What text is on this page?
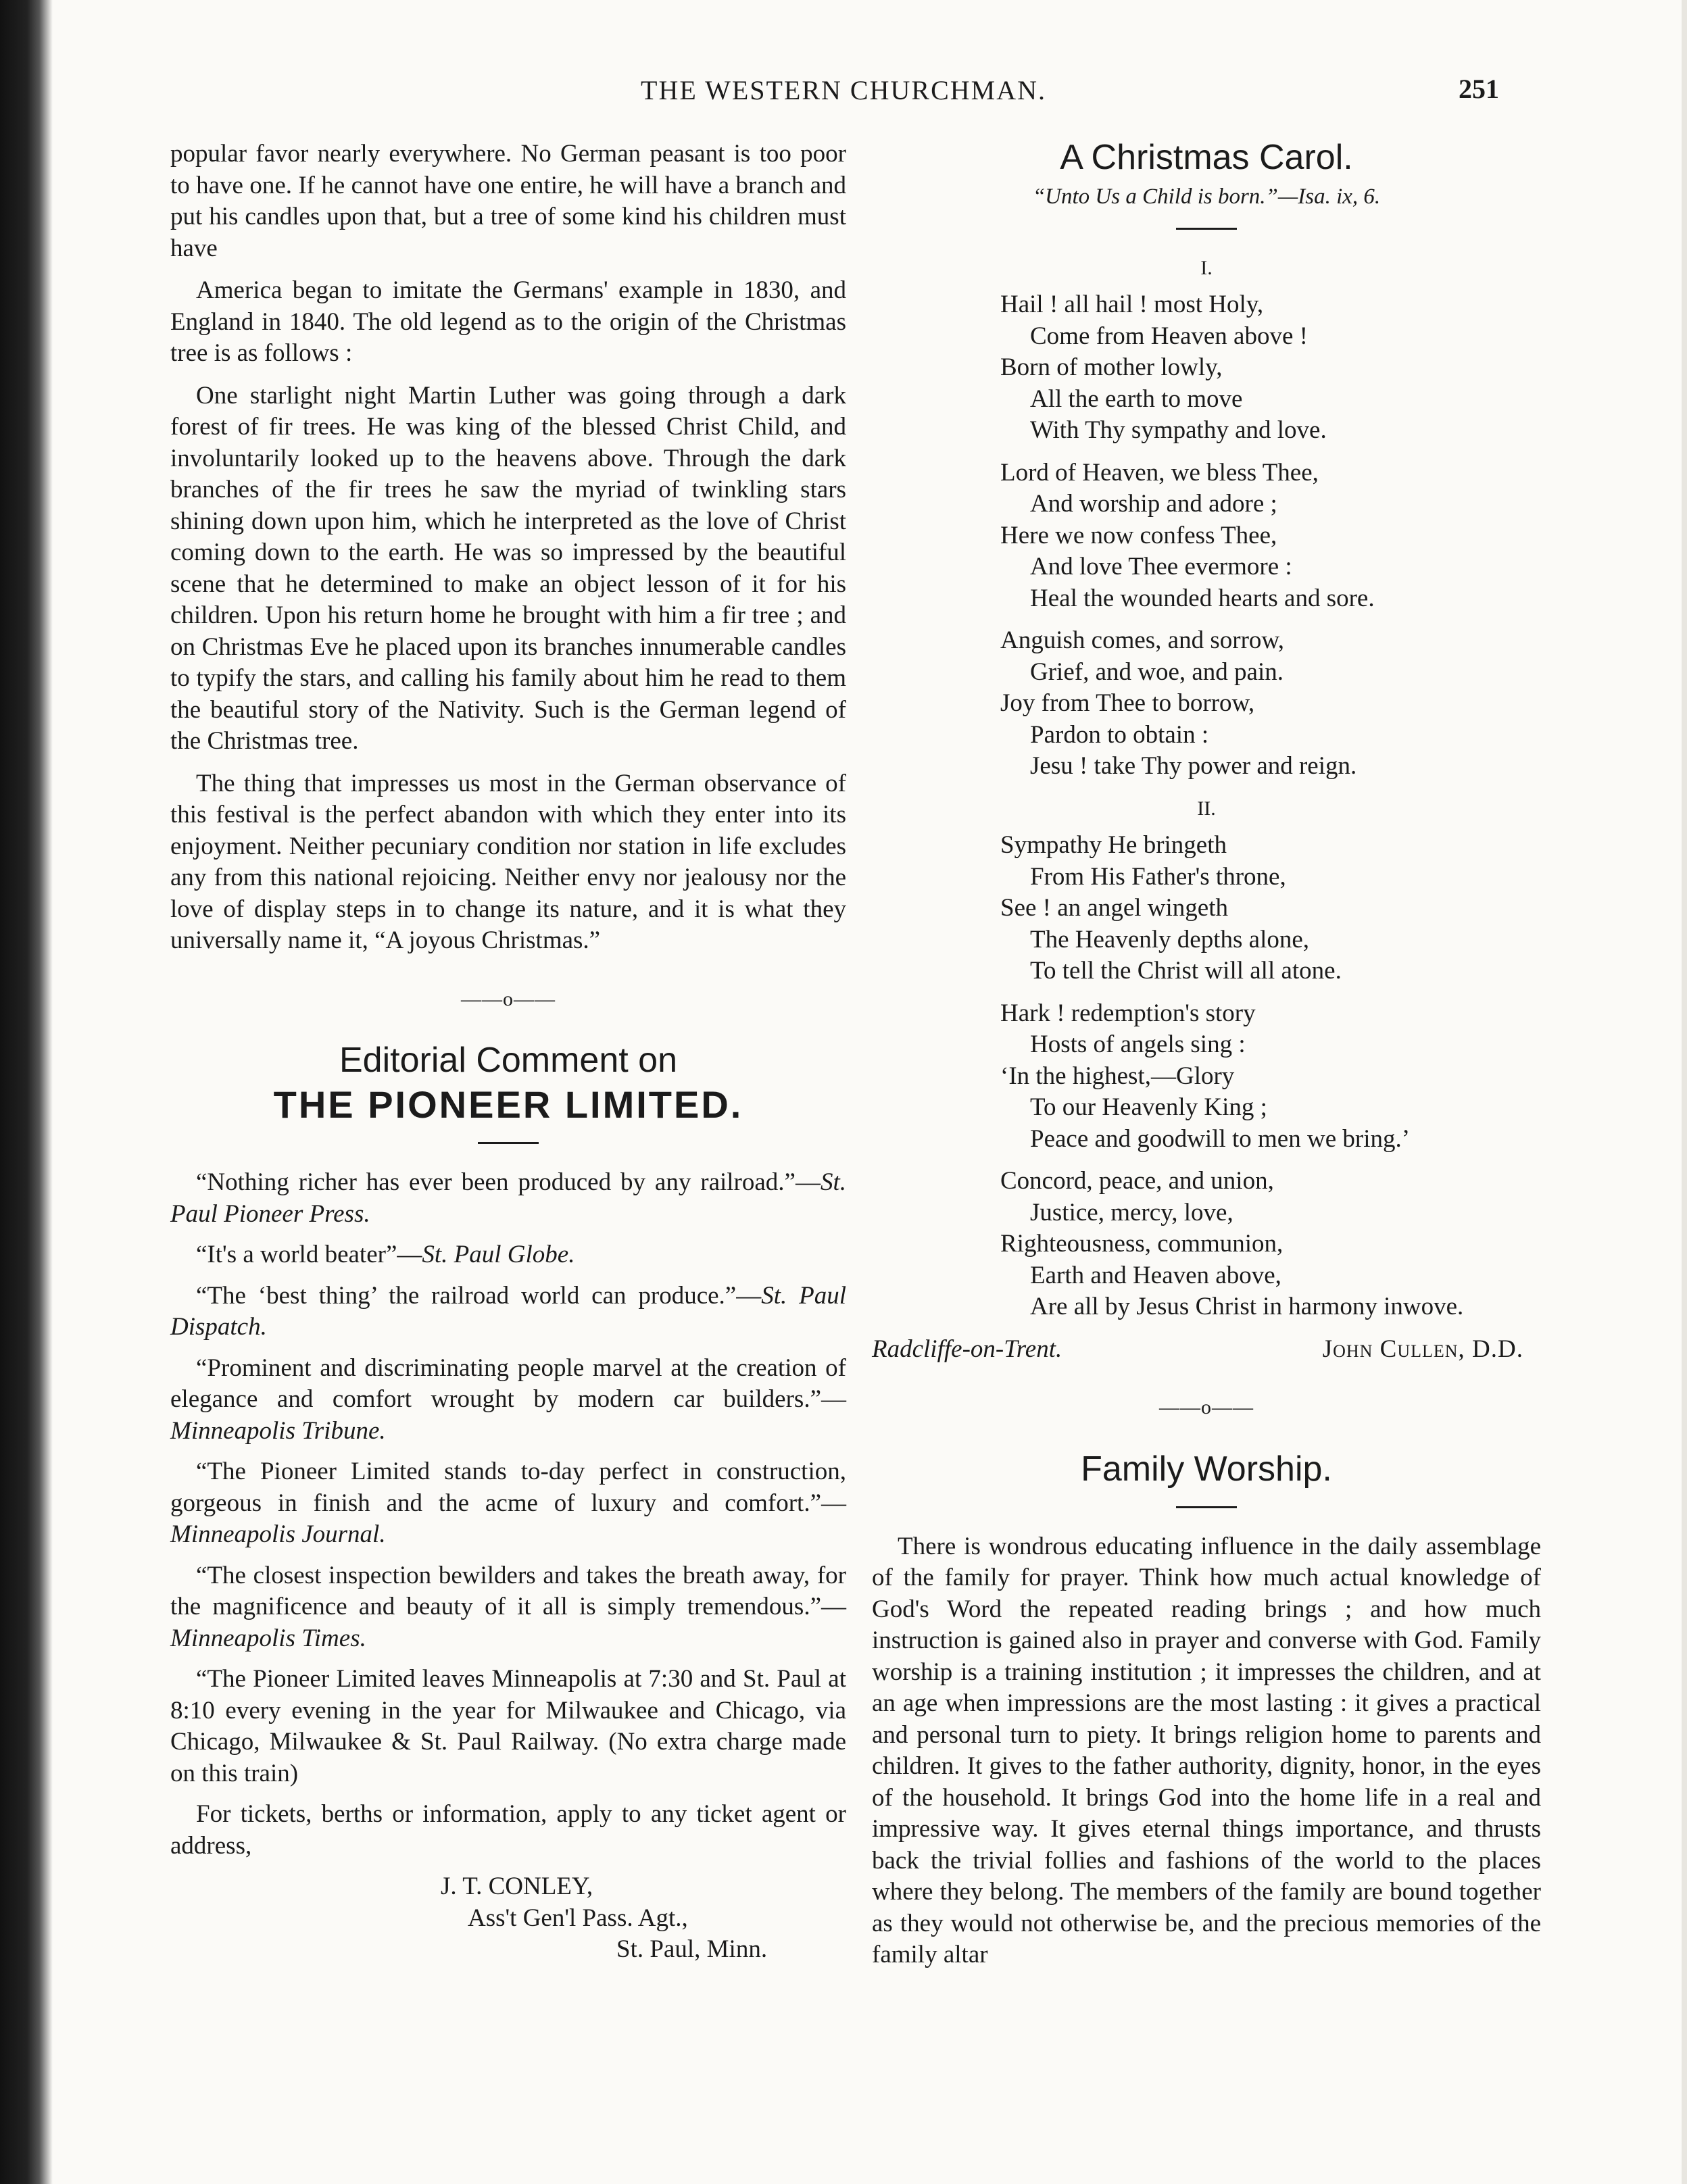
THE WESTERN CHURCHMAN.	251

popular favor nearly everywhere. No German peasant is too poor to have one. If he cannot have one entire, he will have a branch and put his candles upon that, but a tree of some kind his children must have

America began to imitate the Germans' example in 1830, and England in 1840. The old legend as to the origin of the Christmas tree is as follows :

One starlight night Martin Luther was going through a dark forest of fir trees. He was king of the blessed Christ Child, and involuntarily looked up to the heavens above. Through the dark branches of the fir trees he saw the myriad of twinkling stars shining down upon him, which he interpreted as the love of Christ coming down to the earth. He was so impressed by the beautiful scene that he determined to make an object lesson of it for his children. Upon his return home he brought with him a fir tree ; and on Christmas Eve he placed upon its branches innumerable candles to typify the stars, and calling his family about him he read to them the beautiful story of the Nativity. Such is the German legend of the Christmas tree.

The thing that impresses us most in the German observance of this festival is the perfect abandon with which they enter into its enjoyment. Neither pecuniary condition nor station in life excludes any from this national rejoicing. Neither envy nor jealousy nor the love of display steps in to change its nature, and it is what they universally name it, “A joyous Christmas.”

——o——
Editorial Comment on
THE PIONEER LIMITED.

“Nothing richer has ever been produced by any railroad.”—St. Paul Pioneer Press.

“It's a world beater”—St. Paul Globe.

“The ‘best thing’ the railroad world can produce.”—St. Paul Dispatch.

“Prominent and discriminating people marvel at the creation of elegance and comfort wrought by modern car builders.”—Minneapolis Tribune.

“The Pioneer Limited stands to-day perfect in construction, gorgeous in finish and the acme of luxury and comfort.”—Minneapolis Journal.

“The closest inspection bewilders and takes the breath away, for the magnificence and beauty of it all is simply tremendous.”—Minneapolis Times.

“The Pioneer Limited leaves Minneapolis at 7:30 and St. Paul at 8:10 every evening in the year for Milwaukee and Chicago, via Chicago, Milwaukee & St. Paul Railway. (No extra charge made on this train)

For tickets, berths or information, apply to any ticket agent or address,

J. T. CONLEY,
Ass't Gen'l Pass. Agt.,
St. Paul, Minn.
A Christmas Carol.
“Unto Us a Child is born.”—Isa. ix, 6.
I.
Hail ! all hail ! most Holy,
Come from Heaven above !
Born of mother lowly,
All the earth to move
With Thy sympathy and love.
Lord of Heaven, we bless Thee,
And worship and adore ;
Here we now confess Thee,
And love Thee evermore :
Heal the wounded hearts and sore.
Anguish comes, and sorrow,
Grief, and woe, and pain.
Joy from Thee to borrow,
Pardon to obtain :
Jesu ! take Thy power and reign.
II.
Sympathy He bringeth
From His Father's throne,
See ! an angel wingeth
The Heavenly depths alone,
To tell the Christ will all atone.
Hark ! redemption's story
Hosts of angels sing :
‘In the highest,—Glory
To our Heavenly King ;
Peace and goodwill to men we bring.’
Concord, peace, and union,
Justice, mercy, love,
Righteousness, communion,
Earth and Heaven above,
Are all by Jesus Christ in harmony inwove.
Radcliffe-on-Trent.	John Cullen, D.D.
——o——
Family Worship.

There is wondrous educating influence in the daily assemblage of the family for prayer. Think how much actual knowledge of God's Word the repeated reading brings ; and how much instruction is gained also in prayer and converse with God. Family worship is a training institution ; it impresses the children, and at an age when impressions are the most lasting : it gives a practical and personal turn to piety. It brings religion home to parents and children. It gives to the father authority, dignity, honor, in the eyes of the household. It brings God into the home life in a real and impressive way. It gives eternal things importance, and thrusts back the trivial follies and fashions of the world to the places where they belong. The members of the family are bound together as they would not otherwise be, and the precious memories of the family altar
